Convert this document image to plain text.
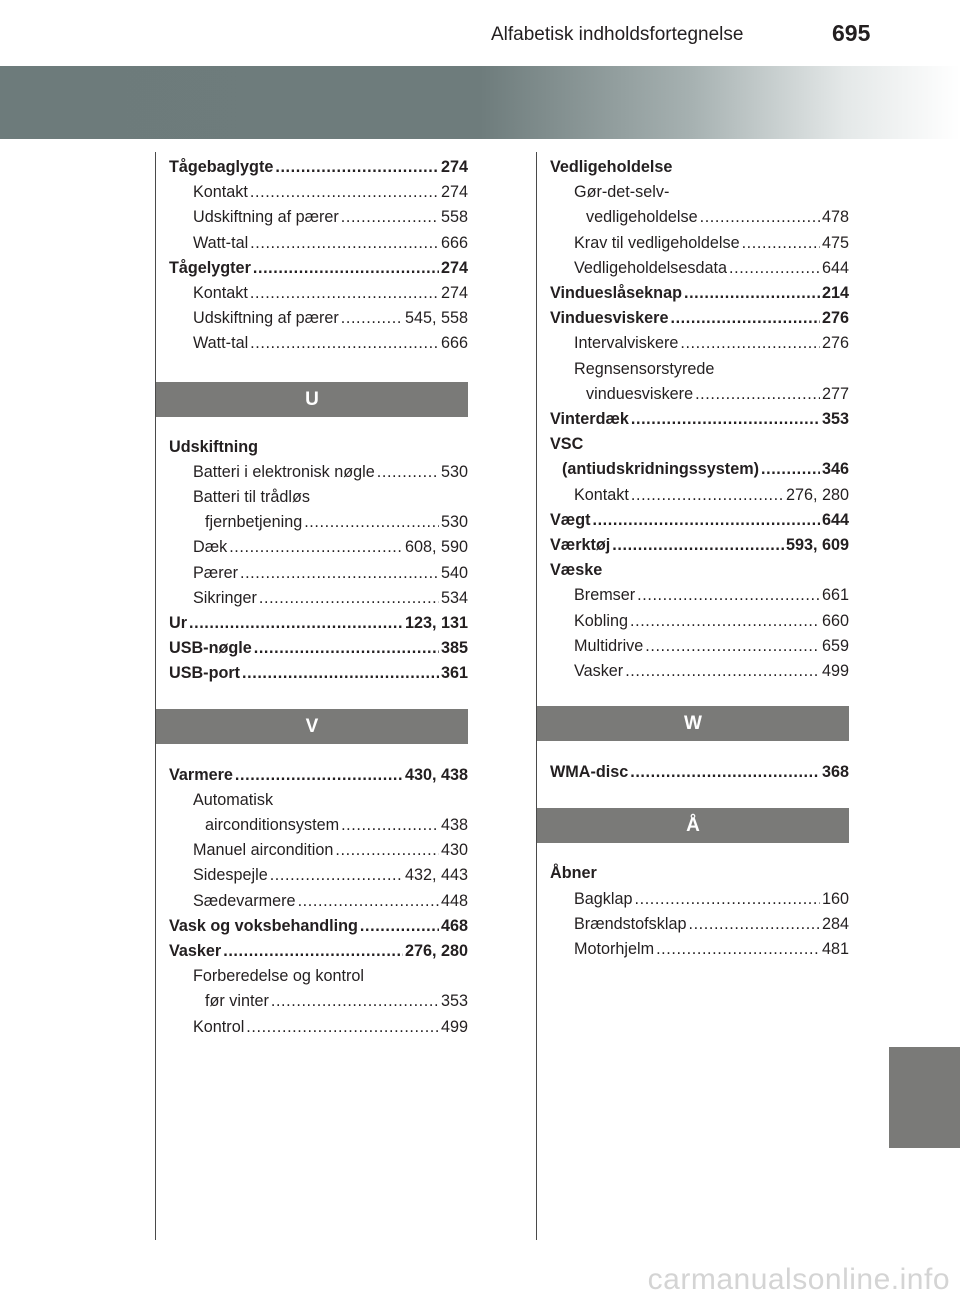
Alfabetisk indholdsfortegnelse	695
Tågebaglygte .....	274
Kontakt .....	274
Udskiftning af pærer .....	558
Watt-tal .....	666
Tågelygter .....	274
Kontakt .....	274
Udskiftning af pærer .....	545, 558
Watt-tal .....	666
U
Udskiftning
Batteri i elektronisk nøgle .....	530
Batteri til trådløs
fjernbetjening .....	530
Dæk .....	608, 590
Pærer .....	540
Sikringer .....	534
Ur .....	123, 131
USB-nøgle .....	385
USB-port .....	361
V
Varmere .....	430, 438
Automatisk
airconditionsystem .....	438
Manuel aircondition .....	430
Sidespejle .....	432, 443
Sædevarmere .....	448
Vask og voksbehandling .....	468
Vasker .....	276, 280
Forberedelse og kontrol
før vinter .....	353
Kontrol .....	499
Vedligeholdelse
Gør-det-selv-
vedligeholdelse .....	478
Krav til vedligeholdelse .....	475
Vedligeholdelsesdata .....	644
Vindueslåseknap .....	214
Vinduesviskere .....	276
Intervalviskere .....	276
Regnsensorstyrede
vinduesviskere .....	277
Vinterdæk .....	353
VSC
(antiudskridningssystem) .....	346
Kontakt .....	276, 280
Vægt .....	644
Værktøj .....	593, 609
Væske
Bremser .....	661
Kobling .....	660
Multidrive .....	659
Vasker .....	499
W
WMA-disc .....	368
Å
Åbner
Bagklap .....	160
Brændstofsklap .....	284
Motorhjelm .....	481
carmanualsonline.info
